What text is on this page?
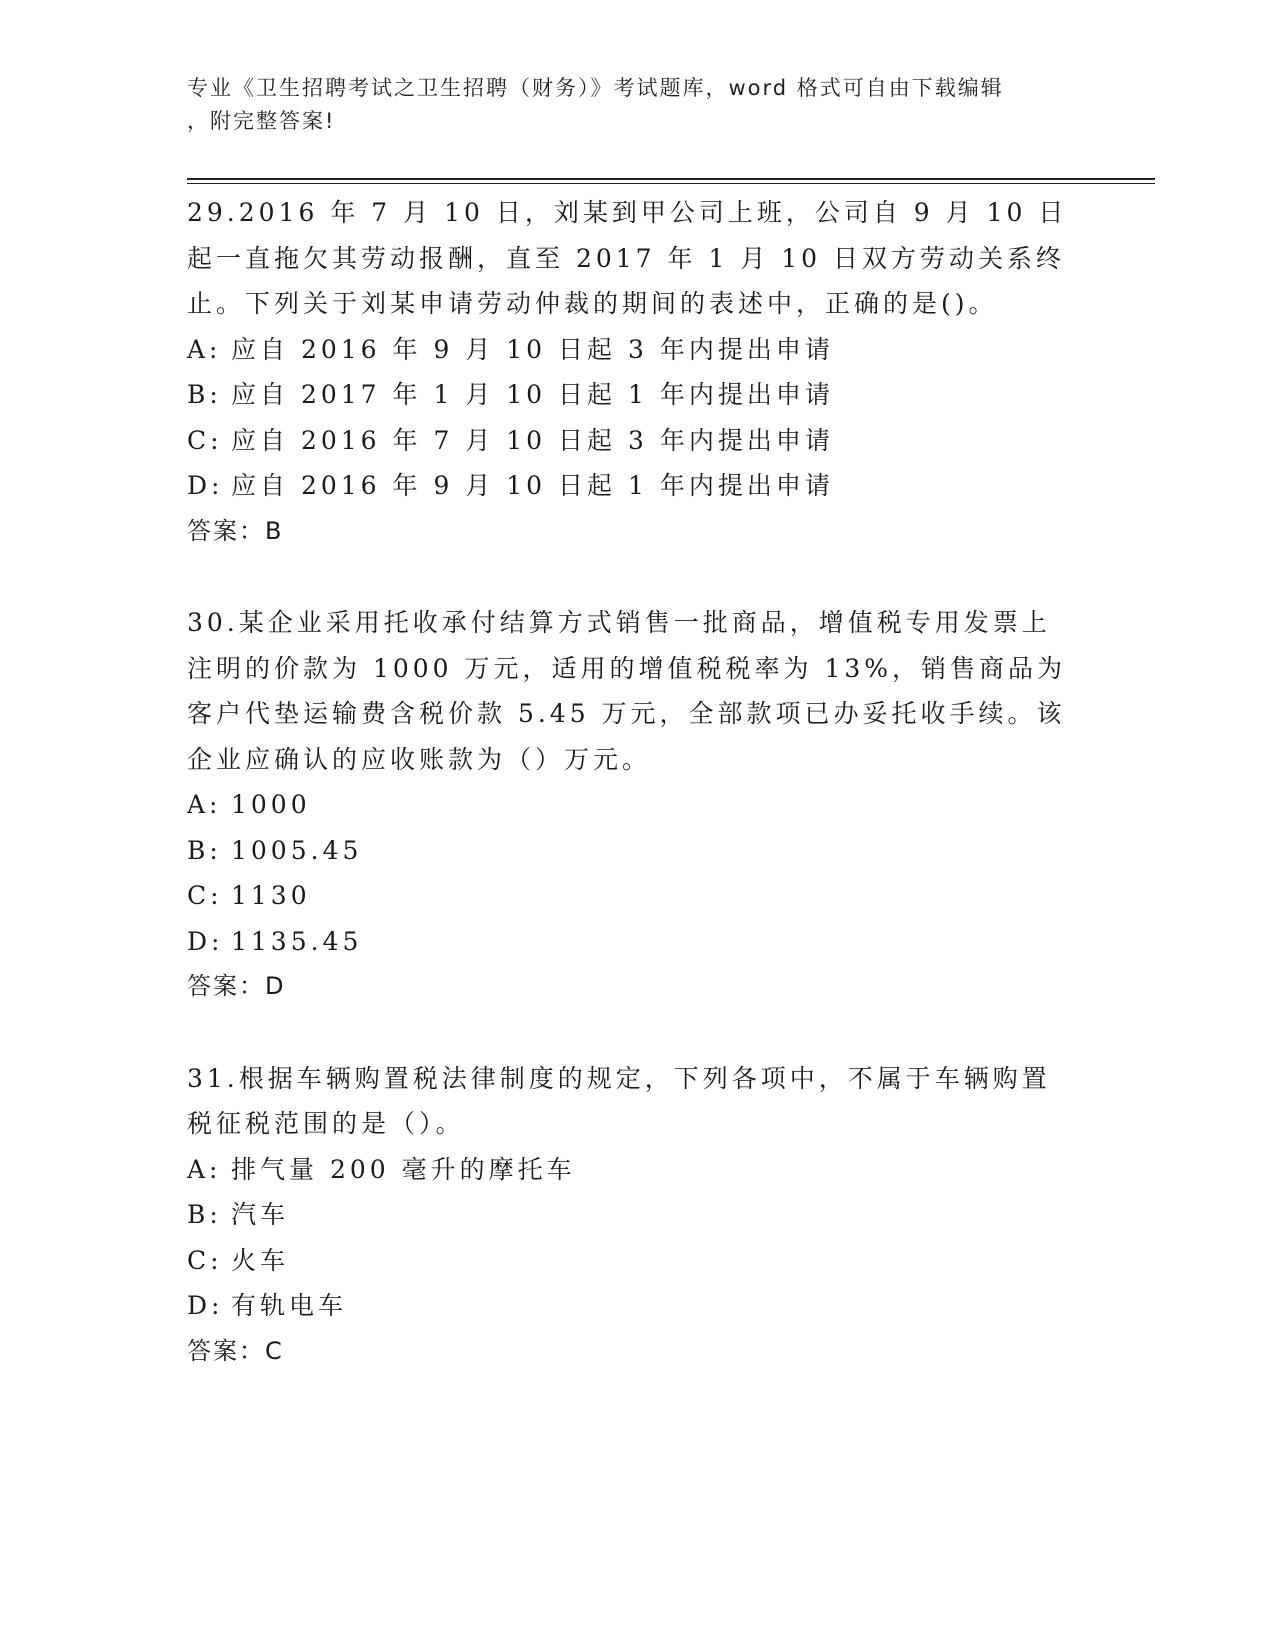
专业《卫生招聘考试之卫生招聘（财务）》考试题库，word 格式可自由下载编辑
，附完整答案!

29.2016 年 7 月 10 日，刘某到甲公司上班，公司自 9 月 10 日起一直拖欠其劳动报酬，直至 2017 年 1 月 10 日双方劳动关系终止。下列关于刘某申请劳动仲裁的期间的表述中，正确的是()。

A: 应自 2016 年 9 月 10 日起 3 年内提出申请
B: 应自 2017 年 1 月 10 日起 1 年内提出申请
C: 应自 2016 年 7 月 10 日起 3 年内提出申请
D: 应自 2016 年 9 月 10 日起 1 年内提出申请

答案：B

30.某企业采用托收承付结算方式销售一批商品，增值税专用发票上注明的价款为 1000 万元，适用的增值税税率为 13%，销售商品为客户代垫运输费含税价款 5.45 万元，全部款项已办妥托收手续。该企业应确认的应收账款为（）万元。

A: 1000
B: 1005.45
C: 1130
D: 1135.45

答案：D

31.根据车辆购置税法律制度的规定，下列各项中，不属于车辆购置税征税范围的是（）。

A: 排气量 200 毫升的摩托车
B: 汽车
C: 火车
D: 有轨电车

答案：C
